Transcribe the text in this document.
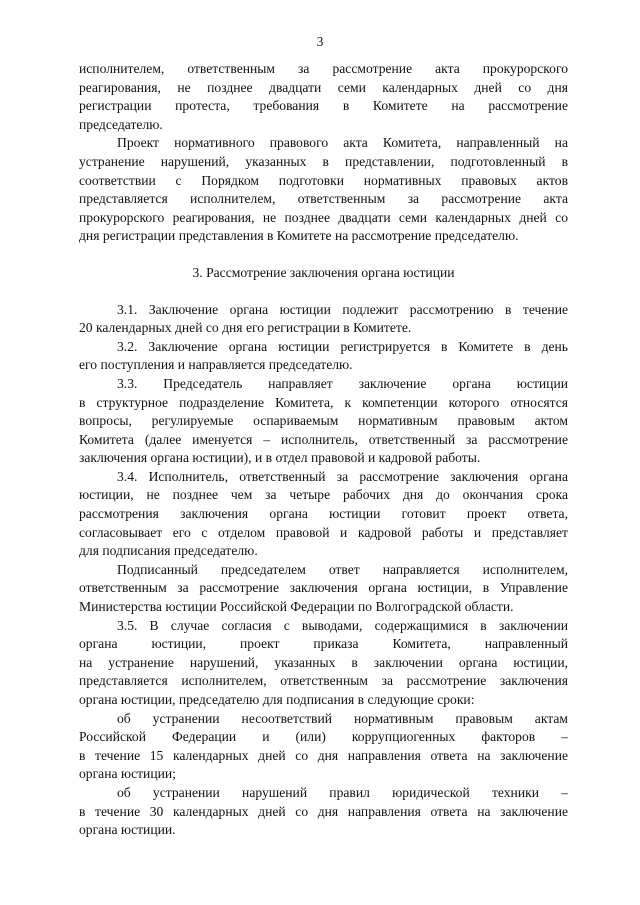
3
исполнителем, ответственным за рассмотрение акта прокурорского
реагирования, не позднее двадцати семи календарных дней со дня
регистрации протеста, требования в Комитете на рассмотрение
председателю.
Проект нормативного правового акта Комитета, направленный на
устранение нарушений, указанных в представлении, подготовленный в
соответствии с Порядком подготовки нормативных правовых актов
представляется исполнителем, ответственным за рассмотрение акта
прокурорского реагирования, не позднее двадцати семи календарных дней со
дня регистрации представления в Комитете на рассмотрение председателю.
3. Рассмотрение заключения органа юстиции
3.1. Заключение органа юстиции подлежит рассмотрению в течение
20 календарных дней со дня его регистрации в Комитете.
3.2. Заключение органа юстиции регистрируется в Комитете в день
его поступления и направляется председателю.
3.3. Председатель направляет заключение органа юстиции
в структурное подразделение Комитета, к компетенции которого относятся
вопросы, регулируемые оспариваемым нормативным правовым актом
Комитета (далее именуется – исполнитель, ответственный за рассмотрение
заключения органа юстиции), и в отдел правовой и кадровой работы.
3.4. Исполнитель, ответственный за рассмотрение заключения органа
юстиции, не позднее чем за четыре рабочих дня до окончания срока
рассмотрения заключения органа юстиции готовит проект ответа,
согласовывает его с отделом правовой и кадровой работы и представляет
для подписания председателю.
Подписанный председателем ответ направляется исполнителем,
ответственным за рассмотрение заключения органа юстиции, в Управление
Министерства юстиции Российской Федерации по Волгоградской области.
3.5. В случае согласия с выводами, содержащимися в заключении
органа юстиции, проект приказа Комитета, направленный
на устранение нарушений, указанных в заключении органа юстиции,
представляется исполнителем, ответственным за рассмотрение заключения
органа юстиции, председателю для подписания в следующие сроки:
об устранении несоответствий нормативным правовым актам
Российской Федерации и (или) коррупциогенных факторов –
в течение 15 календарных дней со дня направления ответа на заключение
органа юстиции;
об устранении нарушений правил юридической техники –
в течение 30 календарных дней со дня направления ответа на заключение
органа юстиции.
